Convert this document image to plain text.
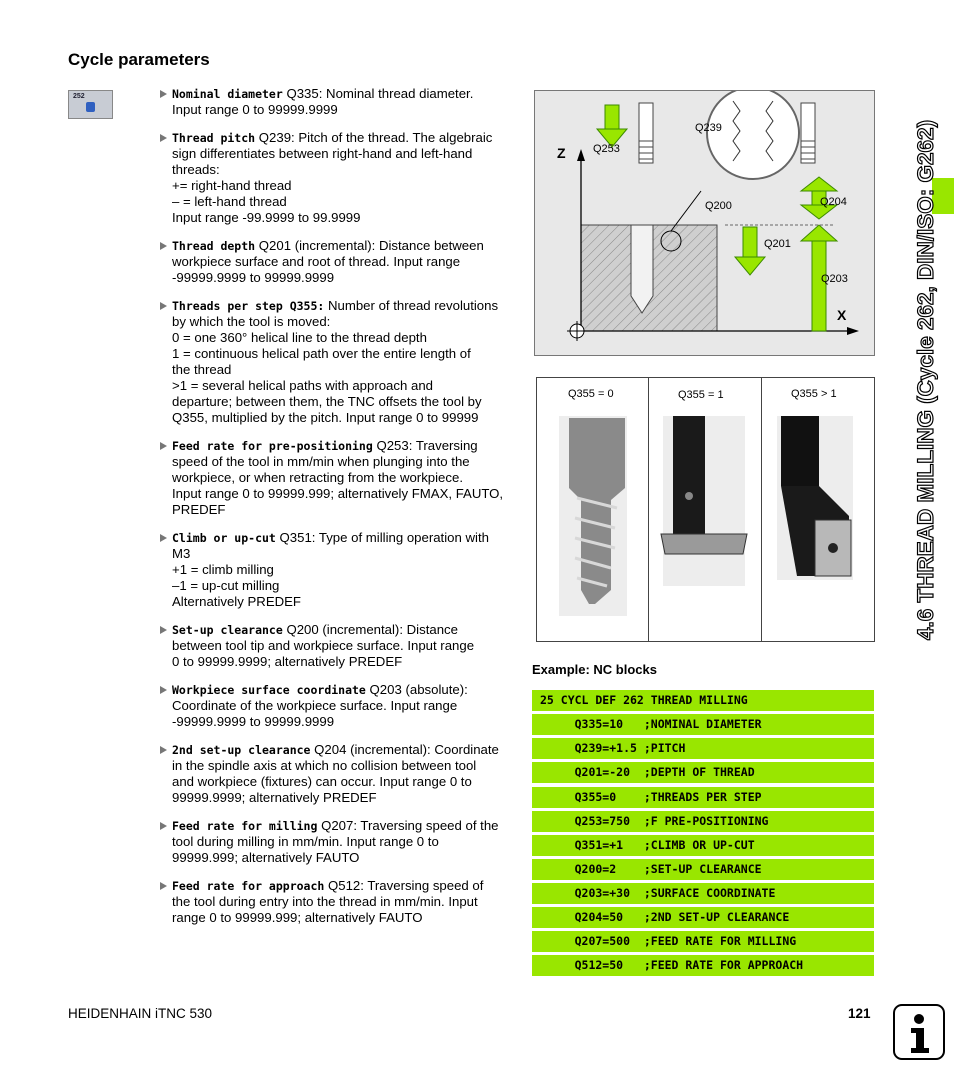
Cycle parameters
252	Nominal diameter Q335: Nominal thread diameter.
Input range 0 to 99999.9999
Thread pitch Q239: Pitch of the thread. The algebraic
sign differentiates between right-hand and left-hand
threads:
+= right-hand thread
– = left-hand thread
Input range -99.9999 to 99.9999
Thread depth Q201 (incremental): Distance between
workpiece surface and root of thread. Input range
-99999.9999 to 99999.9999
Threads per step Q355: Number of thread revolutions
by which the tool is moved:
0 = one 360° helical line to the thread depth
1 = continuous helical path over the entire length of
the thread
>1 = several helical paths with approach and
departure; between them, the TNC offsets the tool by
Q355, multiplied by the pitch. Input range 0 to 99999
Feed rate for pre-positioning Q253: Traversing
speed of the tool in mm/min when plunging into the
workpiece, or when retracting from the workpiece.
Input range 0 to 99999.999; alternatively FMAX, FAUTO,
PREDEF
Climb or up-cut Q351: Type of milling operation with
M3
+1 = climb milling
–1 = up-cut milling
Alternatively PREDEF
Set-up clearance Q200 (incremental): Distance
between tool tip and workpiece surface. Input range
0 to 99999.9999; alternatively PREDEF
Workpiece surface coordinate Q203 (absolute):
Coordinate of the workpiece surface. Input range
-99999.9999 to 99999.9999
2nd set-up clearance Q204 (incremental): Coordinate
in the spindle axis at which no collision between tool
and workpiece (fixtures) can occur. Input range 0 to
99999.9999; alternatively PREDEF
Feed rate for milling Q207: Traversing speed of the
tool during milling in mm/min. Input range 0 to
99999.999; alternatively FAUTO
Feed rate for approach Q512: Traversing speed of
the tool during entry into the thread in mm/min. Input
range 0 to 99999.999; alternatively FAUTO
Z
X
Q253
Q239
Q200	Q204
Q201
Q203
Q355 = 0	Q355 = 1	Q355 > 1
Example: NC blocks
25 CYCL DEF 262 THREAD MILLING
Q335=10   ;NOMINAL DIAMETER
Q239=+1.5 ;PITCH
Q201=-20  ;DEPTH OF THREAD
Q355=0    ;THREADS PER STEP
Q253=750  ;F PRE-POSITIONING
Q351=+1   ;CLIMB OR UP-CUT
Q200=2    ;SET-UP CLEARANCE
Q203=+30  ;SURFACE COORDINATE
Q204=50   ;2ND SET-UP CLEARANCE
Q207=500  ;FEED RATE FOR MILLING
Q512=50   ;FEED RATE FOR APPROACH
4.6 THREAD MILLING (Cycle 262, DIN/ISO: G262)
HEIDENHAIN iTNC 530	121
